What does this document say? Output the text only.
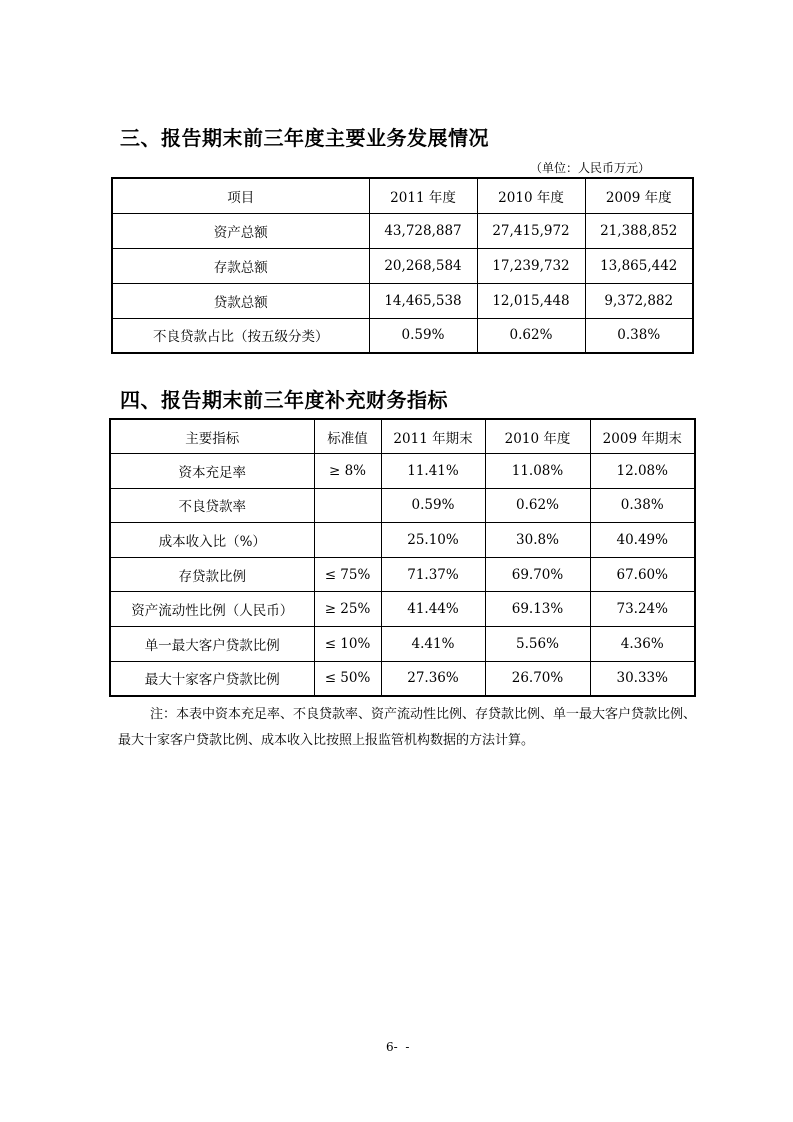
三、报告期末前三年度主要业务发展情况
（单位：人民币万元）
项目	2011 年度	2010 年度	2009 年度
资产总额	43,728,887	27,415,972	21,388,852
存款总额	20,268,584	17,239,732	13,865,442
贷款总额	14,465,538	12,015,448	9,372,882
不良贷款占比（按五级分类）	0.59%	0.62%	0.38%
四、报告期末前三年度补充财务指标
主要指标	标准值	2011 年期末	2010 年度	2009 年期末
资本充足率	≥ 8%	11.41%	11.08%	12.08%
不良贷款率		0.59%	0.62%	0.38%
成本收入比（%）		25.10%	30.8%	40.49%
存贷款比例	≤ 75%	71.37%	69.70%	67.60%
资产流动性比例（人民币）	≥ 25%	41.44%	69.13%	73.24%
单一最大客户贷款比例	≤ 10%	4.41%	5.56%	4.36%
最大十家客户贷款比例	≤ 50%	27.36%	26.70%	30.33%

注：本表中资本充足率、不良贷款率、资产流动性比例、存贷款比例、单一最大客户贷款比例、最大十家客户贷款比例、成本收入比按照上报监管机构数据的方法计算。

6-  -
